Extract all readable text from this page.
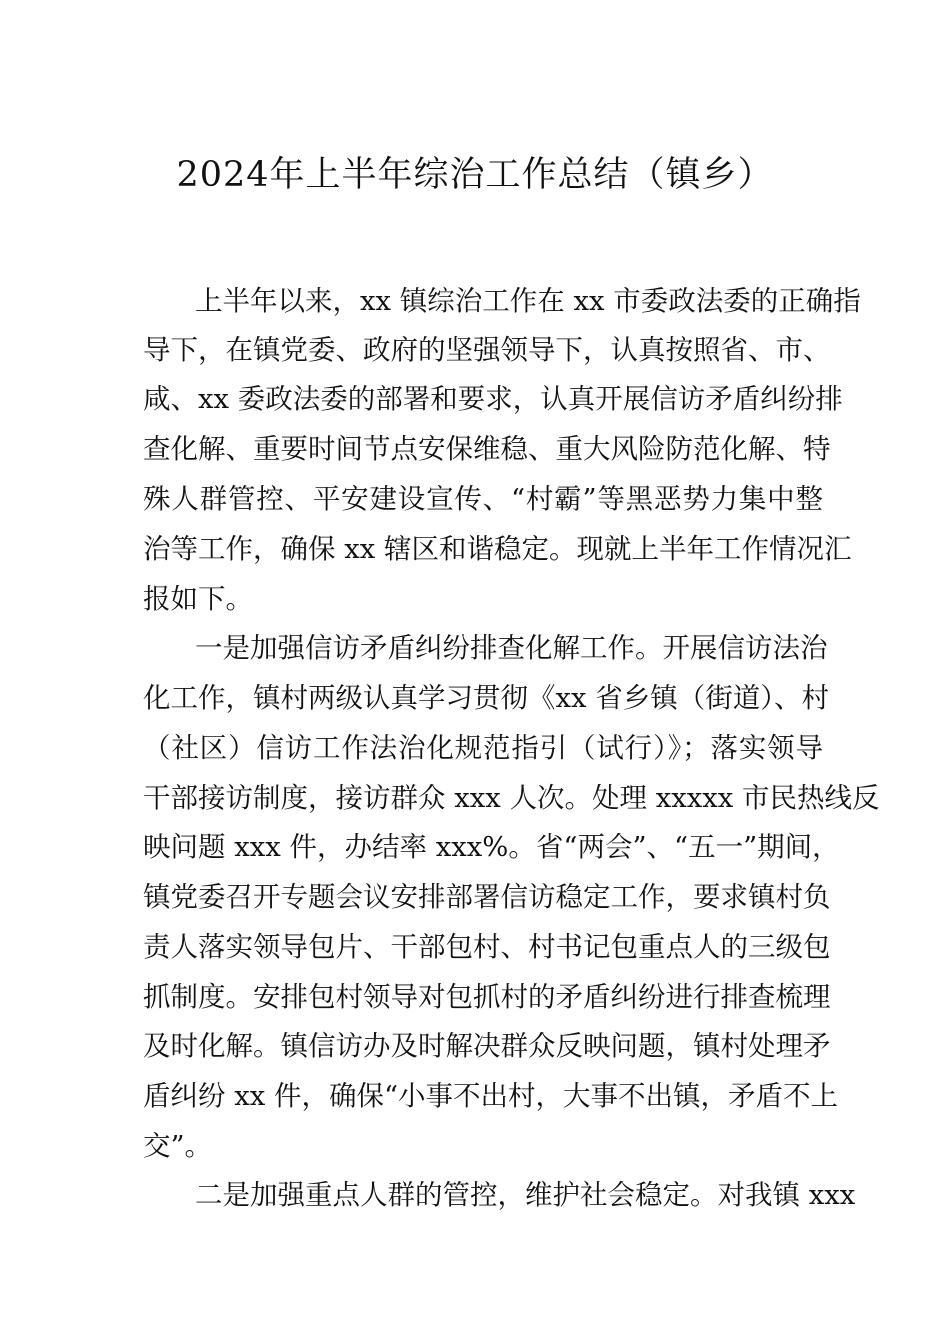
2024年上半年综治工作总结（镇乡）
上半年以来，xx 镇综治工作在 xx 市委政法委的正确指
导下，在镇党委、政府的坚强领导下，认真按照省、市、
咸、xx 委政法委的部署和要求，认真开展信访矛盾纠纷排
查化解、重要时间节点安保维稳、重大风险防范化解、特
殊人群管控、平安建设宣传、“村霸”等黑恶势力集中整
治等工作，确保 xx 辖区和谐稳定。现就上半年工作情况汇
报如下。
一是加强信访矛盾纠纷排查化解工作。开展信访法治
化工作，镇村两级认真学习贯彻《xx 省乡镇（街道）、村
（社区）信访工作法治化规范指引（试行）》；落实领导
干部接访制度，接访群众 xxx 人次。处理 xxxxx 市民热线反
映问题 xxx 件，办结率 xxx%。省“两会”、“五一”期间，
镇党委召开专题会议安排部署信访稳定工作，要求镇村负
责人落实领导包片、干部包村、村书记包重点人的三级包
抓制度。安排包村领导对包抓村的矛盾纠纷进行排查梳理
及时化解。镇信访办及时解决群众反映问题，镇村处理矛
盾纠纷 xx 件，确保“小事不出村，大事不出镇，矛盾不上
交”。
二是加强重点人群的管控，维护社会稳定。对我镇 xxx
